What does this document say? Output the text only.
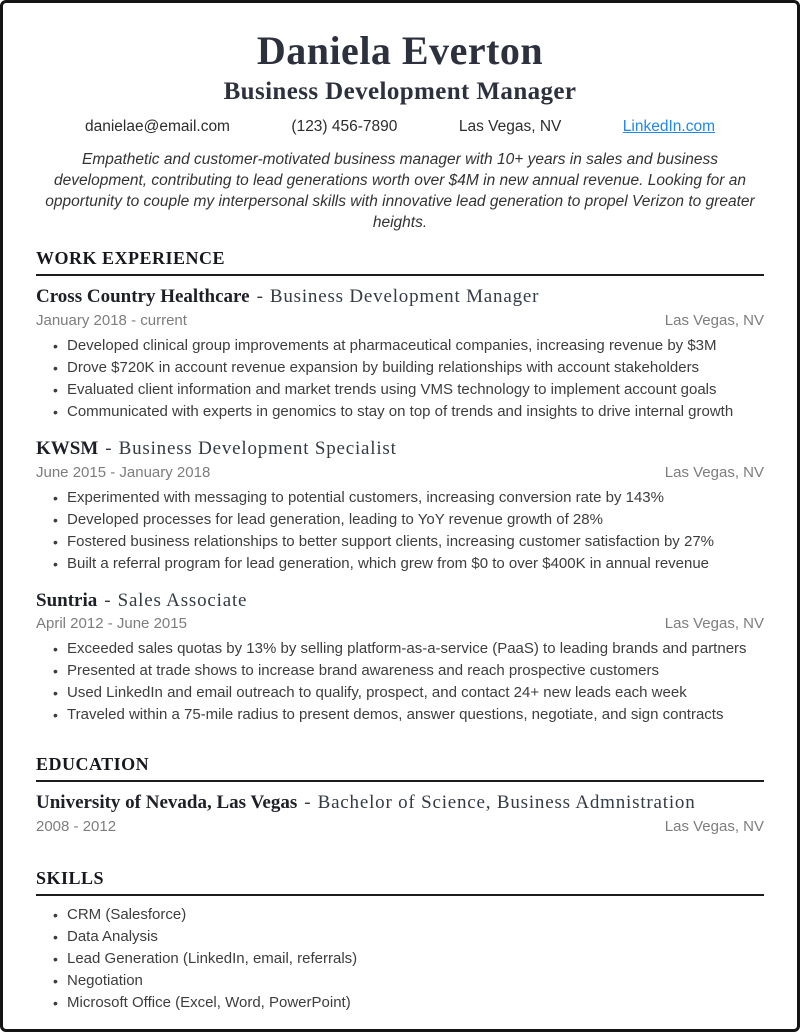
Daniela Everton
Business Development Manager
danielae@email.com	(123) 456-7890	Las Vegas, NV	LinkedIn.com

Empathetic and customer-motivated business manager with 10+ years in sales and business development, contributing to lead generations worth over $4M in new annual revenue. Looking for an opportunity to couple my interpersonal skills with innovative lead generation to propel Verizon to greater heights.

WORK EXPERIENCE
Cross Country Healthcare - Business Development Manager
January 2018 - current	Las Vegas, NV
• Developed clinical group improvements at pharmaceutical companies, increasing revenue by $3M
• Drove $720K in account revenue expansion by building relationships with account stakeholders
• Evaluated client information and market trends using VMS technology to implement account goals
• Communicated with experts in genomics to stay on top of trends and insights to drive internal growth
KWSM - Business Development Specialist
June 2015 - January 2018	Las Vegas, NV
• Experimented with messaging to potential customers, increasing conversion rate by 143%
• Developed processes for lead generation, leading to YoY revenue growth of 28%
• Fostered business relationships to better support clients, increasing customer satisfaction by 27%
• Built a referral program for lead generation, which grew from $0 to over $400K in annual revenue
Suntria - Sales Associate
April 2012 - June 2015	Las Vegas, NV
• Exceeded sales quotas by 13% by selling platform-as-a-service (PaaS) to leading brands and partners
• Presented at trade shows to increase brand awareness and reach prospective customers
• Used LinkedIn and email outreach to qualify, prospect, and contact 24+ new leads each week
• Traveled within a 75-mile radius to present demos, answer questions, negotiate, and sign contracts
EDUCATION
University of Nevada, Las Vegas - Bachelor of Science, Business Admnistration
2008 - 2012	Las Vegas, NV
SKILLS
• CRM (Salesforce)
• Data Analysis
• Lead Generation (LinkedIn, email, referrals)
• Negotiation
• Microsoft Office (Excel, Word, PowerPoint)
